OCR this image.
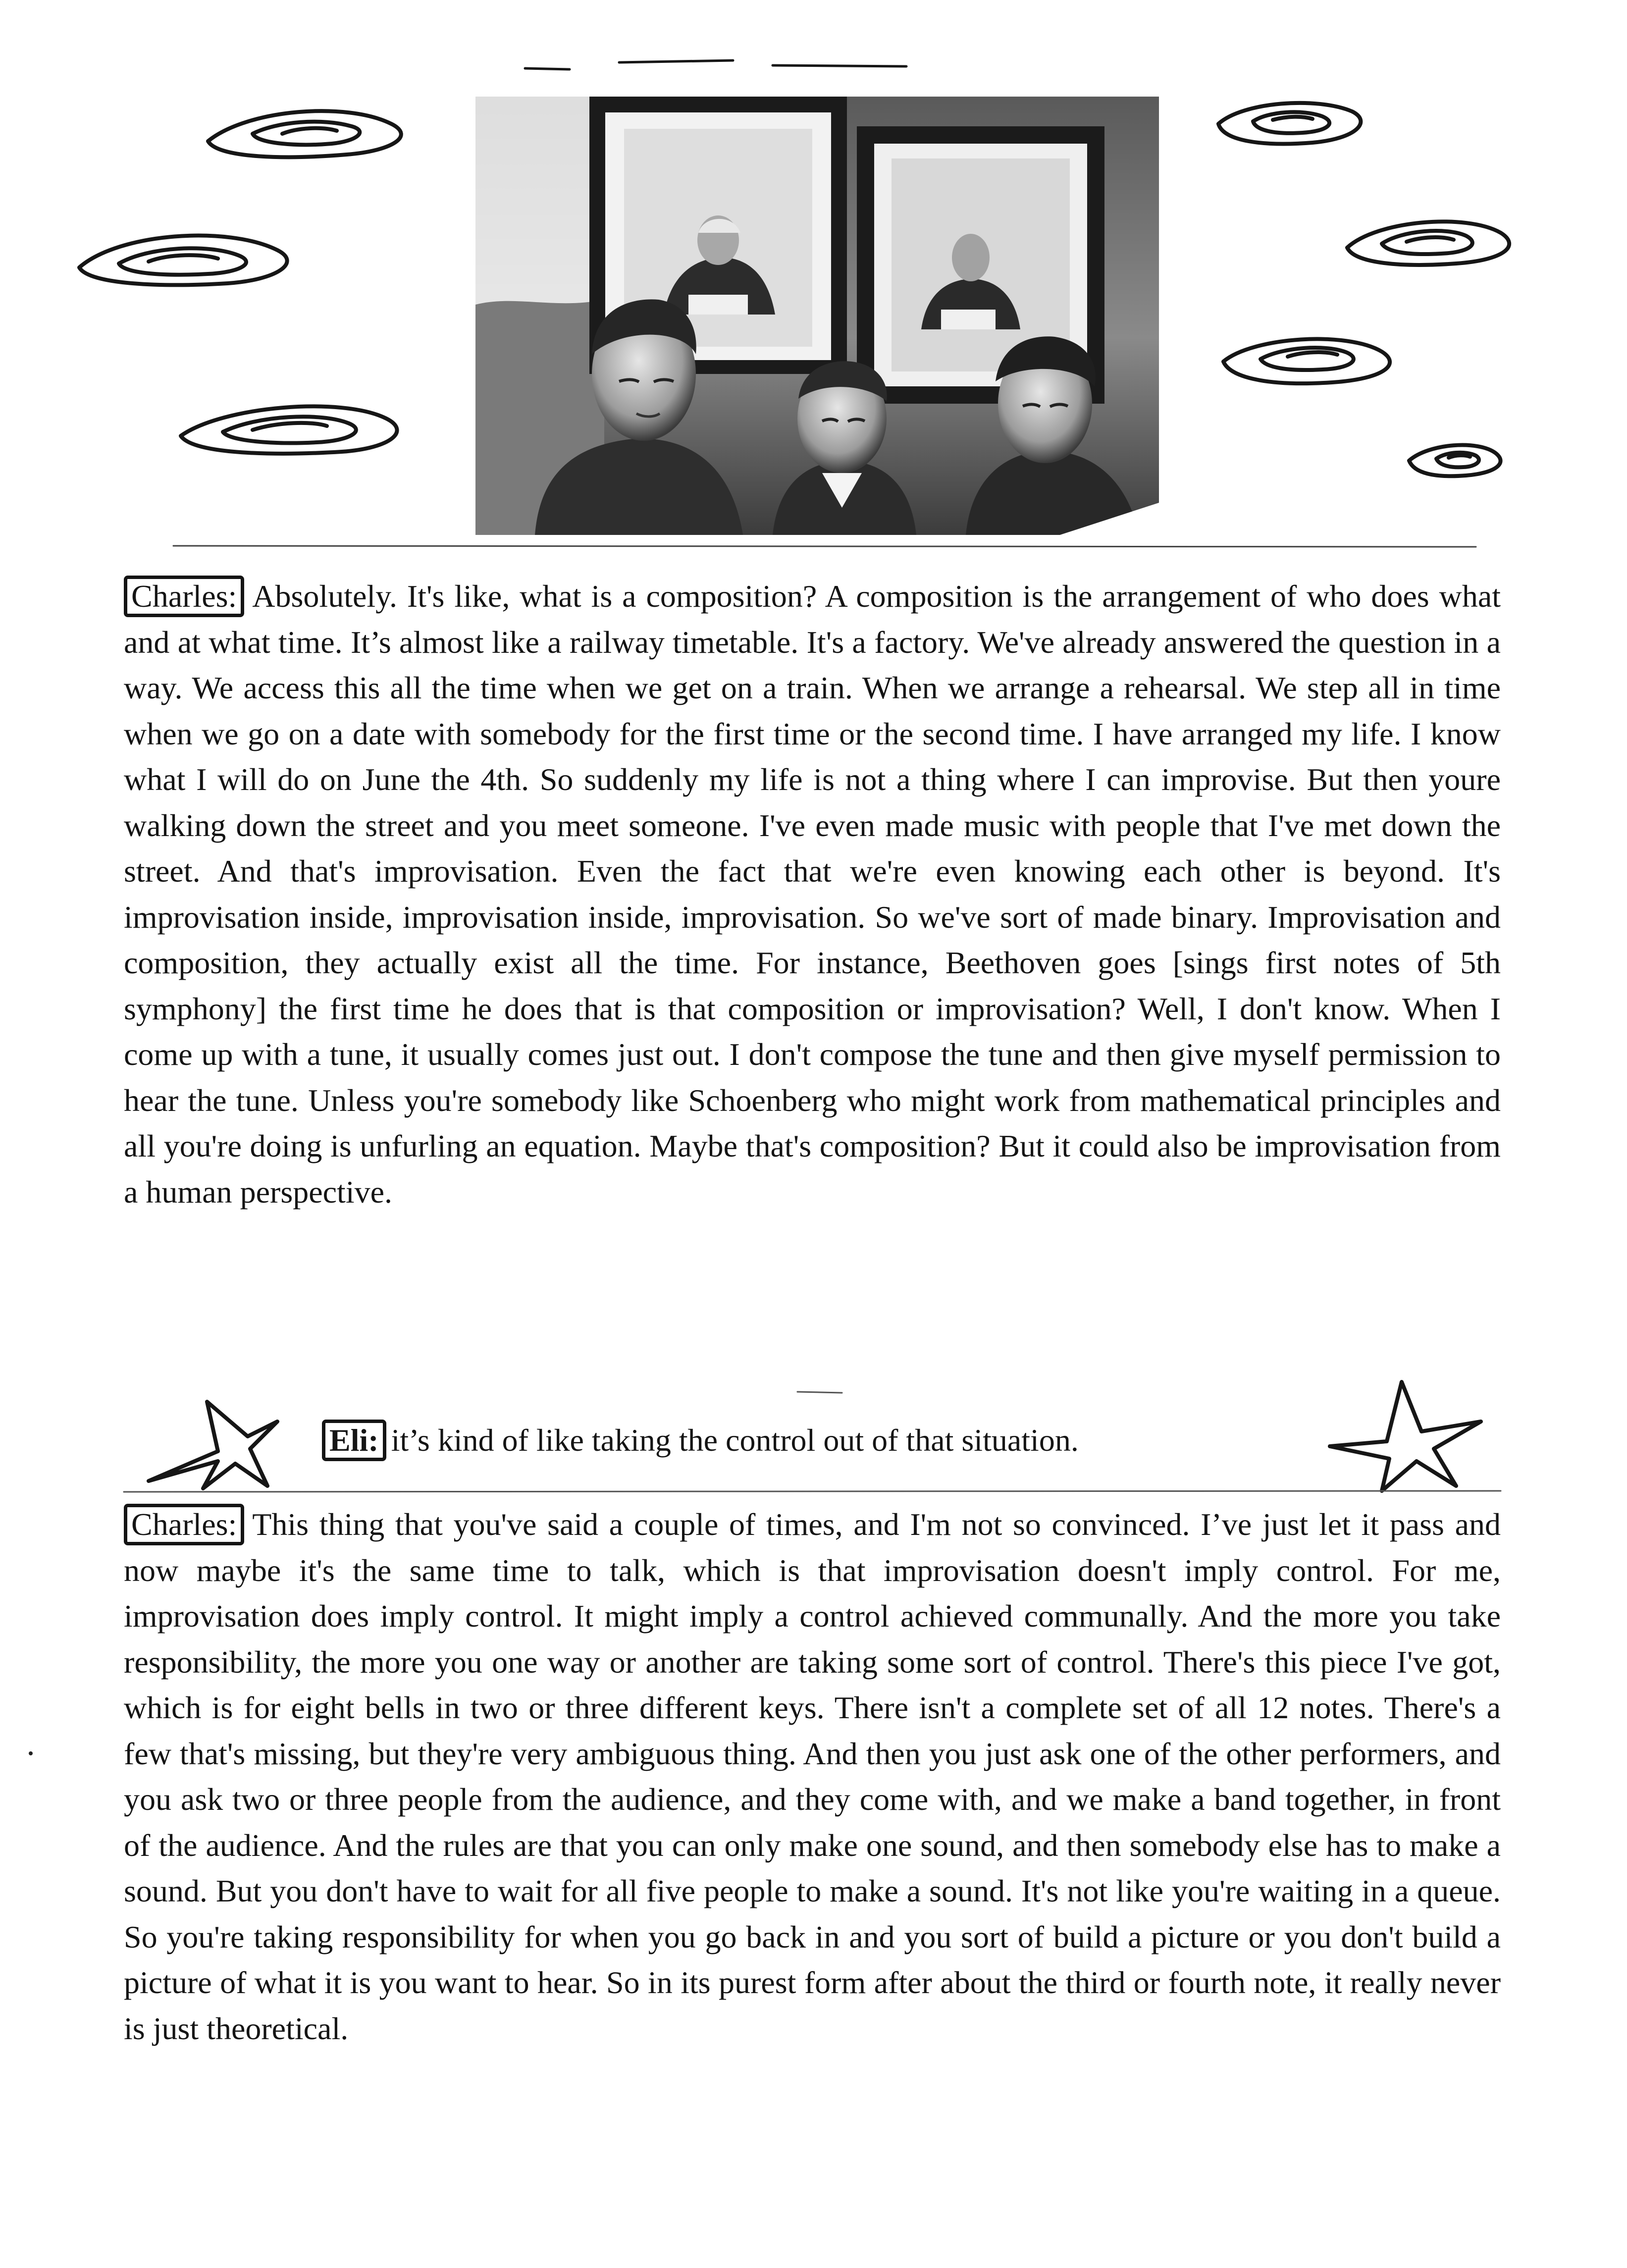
Charles: Absolutely. It's like, what is a composition? A composition is the arrangement of who does what and at what time. It’s almost like a railway timetable. It's a factory. We've already answered the question in a way. We access this all the time when we get on a train. When we arrange a rehearsal. We step all in time when we go on a date with somebody for the first time or the second time. I have arranged my life. I know what I will do on June the 4th. So suddenly my life is not a thing where I can improvise. But then youre walking down the street and you meet someone. I've even made music with people that I've met down the street. And that's improvisation. Even the fact that we're even knowing each other is beyond. It's improvisation inside, improvisation inside, improvisation. So we've sort of made binary. Improvisation and composition, they actually exist all the time. For instance, Beethoven goes [sings first notes of 5th symphony] the first time he does that is that composition or improvisation? Well, I don't know. When I come up with a tune, it usually comes just out. I don't compose the tune and then give myself permission to hear the tune. Unless you're somebody like Schoenberg who might work from mathematical principles and all you're doing is unfurling an equation. Maybe that's composition? But it could also be improvisation from a human perspective.

Eli: it’s kind of like taking the control out of that situation.

Charles: This thing that you've said a couple of times, and I'm not so convinced. I’ve just let it pass and now maybe it's the same time to talk, which is that improvisation doesn't imply control. For me, improvisation does imply control. It might imply a control achieved communally. And the more you take responsibility, the more you one way or another are taking some sort of control. There's this piece I've got, which is for eight bells in two or three different keys. There isn't a complete set of all 12 notes. There's a few that's missing, but they're very ambiguous thing. And then you just ask one of the other performers, and you ask two or three people from the audience, and they come with, and we make a band together, in front of the audience. And the rules are that you can only make one sound, and then somebody else has to make a sound. But you don't have to wait for all five people to make a sound. It's not like you're waiting in a queue. So you're taking responsibility for when you go back in and you sort of build a picture or you don't build a picture of what it is you want to hear. So in its purest form after about the third or fourth note, it really never is just theoretical.
